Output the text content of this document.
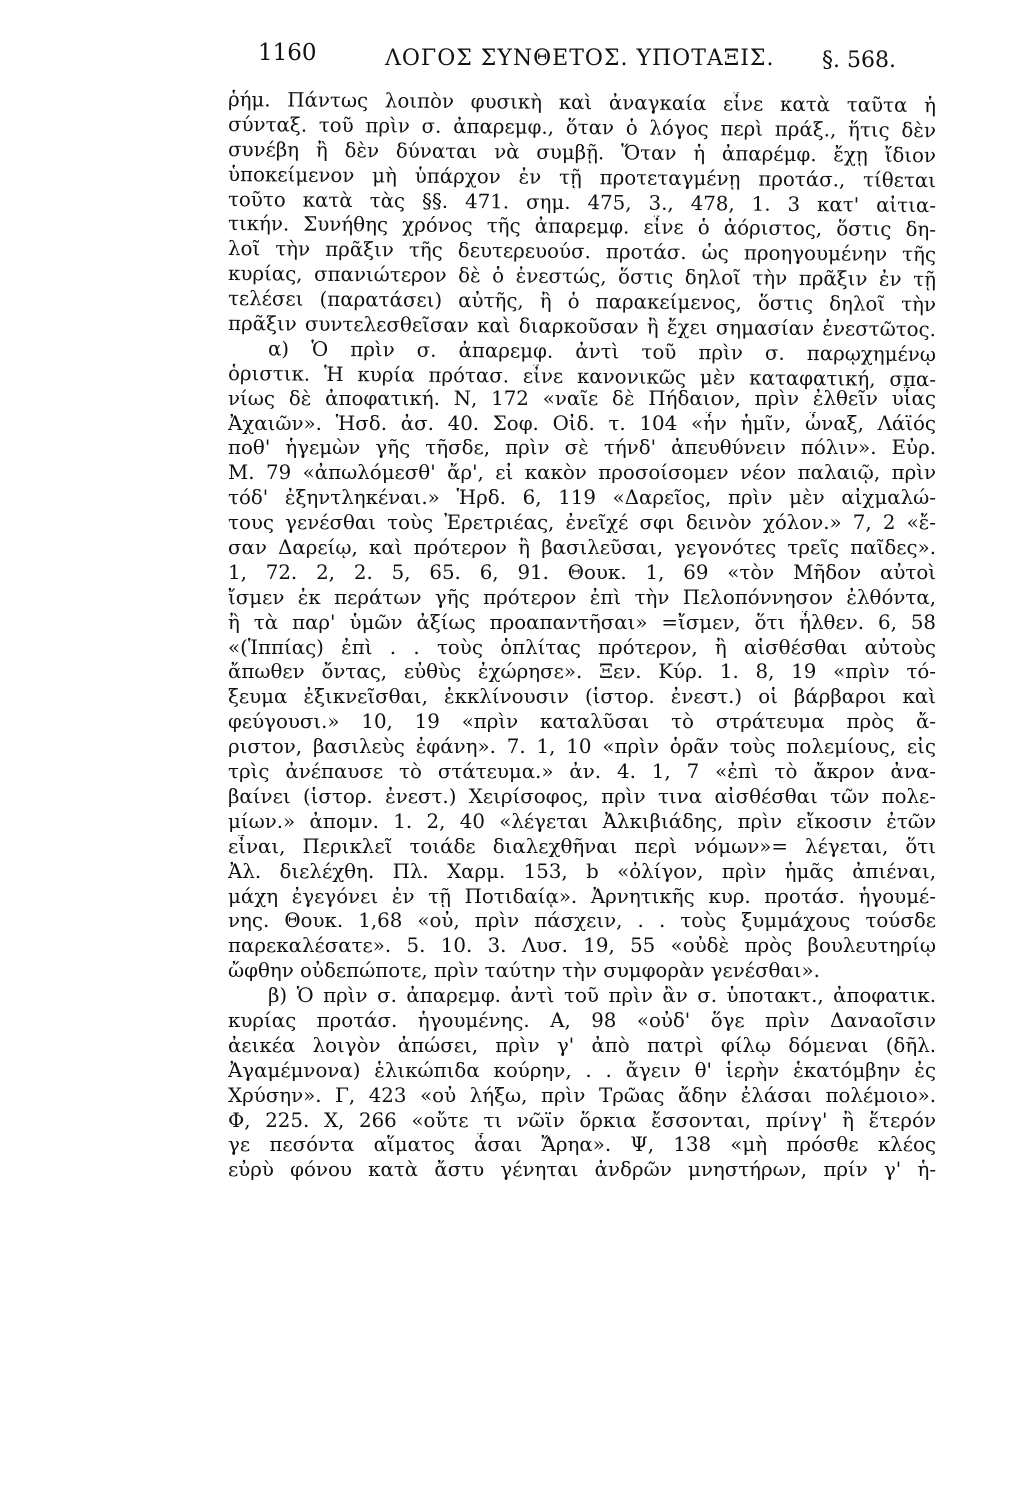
1160	ΛΟΓΟΣ ΣΥΝΘΕΤΟΣ. ΥΠΟΤΑΞΙΣ. §. 568.
ῥήμ. Πάντως λοιπὸν φυσικὴ καὶ ἀναγκαία εἶνε κατὰ ταῦτα ἡ
σύνταξ. τοῦ πρὶν σ. ἀπαρεμφ., ὅταν ὁ λόγος περὶ πράξ., ἥτις δὲν
συνέβη ἢ δὲν δύναται νὰ συμβῇ. Ὅταν ἡ ἀπαρέμφ. ἔχῃ ἴδιον
ὑποκείμενον μὴ ὑπάρχον ἐν τῇ προτεταγμένῃ προτάσ., τίθεται
τοῦτο κατὰ τὰς §§. 471. σημ. 475, 3., 478, 1. 3 κατ' αἰτια-
τικήν. Συνήθης χρόνος τῆς ἀπαρεμφ. εἶνε ὁ ἀόριστος, ὅστις δη-
λοῖ τὴν πρᾶξιν τῆς δευτερευούσ. προτάσ. ὡς προηγουμένην τῆς
κυρίας, σπανιώτερον δὲ ὁ ἐνεστώς, ὅστις δηλοῖ τὴν πρᾶξιν ἐν τῇ
τελέσει (παρατάσει) αὐτῆς, ἢ ὁ παρακείμενος, ὅστις δηλοῖ τὴν
πρᾶξιν συντελεσθεῖσαν καὶ διαρκοῦσαν ἢ ἔχει σημασίαν ἐνεστῶτος.
α) Ὁ πρὶν σ. ἀπαρεμφ. ἀντὶ τοῦ πρὶν σ. παρῳχημένῳ
ὁριστικ. Ἡ κυρία πρότασ. εἶνε κανονικῶς μὲν καταφατική, σπα-
νίως δὲ ἀποφατική. Ν, 172 «ναῖε δὲ Πήδαιον, πρὶν ἐλθεῖν υἷας
Ἀχαιῶν». Ἡσδ. ἀσ. 40. Σοφ. Οἰδ. τ. 104 «ἦν ἡμῖν, ὦναξ, Λάϊός
ποθ' ἡγεμὼν γῆς τῆσδε, πρὶν σὲ τήνδ' ἀπευθύνειν πόλιν». Εὐρ.
Μ. 79 «ἀπωλόμεσθ' ἄρ', εἰ κακὸν προσοίσομεν νέον παλαιῷ, πρὶν
τόδ' ἐξηντληκέναι.» Ἡρδ. 6, 119 «Δαρεῖος, πρὶν μὲν αἰχμαλώ-
τους γενέσθαι τοὺς Ἐρετριέας, ἐνεῖχέ σφι δεινὸν χόλον.» 7, 2 «ἔ-
σαν Δαρείῳ, καὶ πρότερον ἢ βασιλεῦσαι, γεγονότες τρεῖς παῖδες».
1, 72. 2, 2. 5, 65. 6, 91. Θουκ. 1, 69 «τὸν Μῆδον αὐτοὶ
ἴσμεν ἐκ περάτων γῆς πρότερον ἐπὶ τὴν Πελοπόννησον ἐλθόντα,
ἢ τὰ παρ' ὑμῶν ἀξίως προαπαντῆσαι» =ἴσμεν, ὅτι ἦλθεν. 6, 58
«(Ἱππίας) ἐπὶ . . τοὺς ὁπλίτας πρότερον, ἢ αἰσθέσθαι αὐτοὺς
ἄπωθεν ὄντας, εὐθὺς ἐχώρησε». Ξεν. Κύρ. 1. 8, 19 «πρὶν τό-
ξευμα ἐξικνεῖσθαι, ἐκκλίνουσιν (ἱστορ. ἐνεστ.) οἱ βάρβαροι καὶ
φεύγουσι.» 10, 19 «πρὶν καταλῦσαι τὸ στράτευμα πρὸς ἄ-
ριστον, βασιλεὺς ἐφάνη». 7. 1, 10 «πρὶν ὁρᾶν τοὺς πολεμίους, εἰς
τρὶς ἀνέπαυσε τὸ στάτευμα.» ἀν. 4. 1, 7 «ἐπὶ τὸ ἄκρον ἀνα-
βαίνει (ἱστορ. ἐνεστ.) Χειρίσοφος, πρὶν τινα αἰσθέσθαι τῶν πολε-
μίων.» ἀπομν. 1. 2, 40 «λέγεται Ἀλκιβιάδης, πρὶν εἴκοσιν ἐτῶν
εἶναι, Περικλεῖ τοιάδε διαλεχθῆναι περὶ νόμων»= λέγεται, ὅτι
Ἀλ. διελέχθη. Πλ. Χαρμ. 153, b «ὀλίγον, πρὶν ἡμᾶς ἀπιέναι,
μάχη ἐγεγόνει ἐν τῇ Ποτιδαίᾳ». Ἀρνητικῆς κυρ. προτάσ. ἡγουμέ-
νης. Θουκ. 1,68 «οὐ, πρὶν πάσχειν, . . τοὺς ξυμμάχους τούσδε
παρεκαλέσατε». 5. 10. 3. Λυσ. 19, 55 «οὐδὲ πρὸς βουλευτηρίῳ
ὤφθην οὐδεπώποτε, πρὶν ταύτην τὴν συμφορὰν γενέσθαι».
β) Ὁ πρὶν σ. ἀπαρεμφ. ἀντὶ τοῦ πρὶν ἂν σ. ὑποτακτ., ἀποφατικ.
κυρίας προτάσ. ἡγουμένης. Α, 98 «οὐδ' ὅγε πρὶν Δαναοῖσιν
ἀεικέα λοιγὸν ἀπώσει, πρὶν γ' ἀπὸ πατρὶ φίλῳ δόμεναι (δῆλ.
Ἀγαμέμνονα) ἑλικώπιδα κούρην, . . ἄγειν θ' ἱερὴν ἑκατόμβην ἐς
Χρύσην». Γ, 423 «οὐ λήξω, πρὶν Τρῶας ἄδην ἐλάσαι πολέμοιο».
Φ, 225. Χ, 266 «οὔτε τι νῶϊν ὅρκια ἔσσονται, πρίνγ' ἢ ἕτερόν
γε πεσόντα αἵματος ἆσαι Ἄρηα». Ψ, 138 «μὴ πρόσθε κλέος
εὐρὺ φόνου κατὰ ἄστυ γένηται ἀνδρῶν μνηστήρων, πρίν γ' ἡ-
